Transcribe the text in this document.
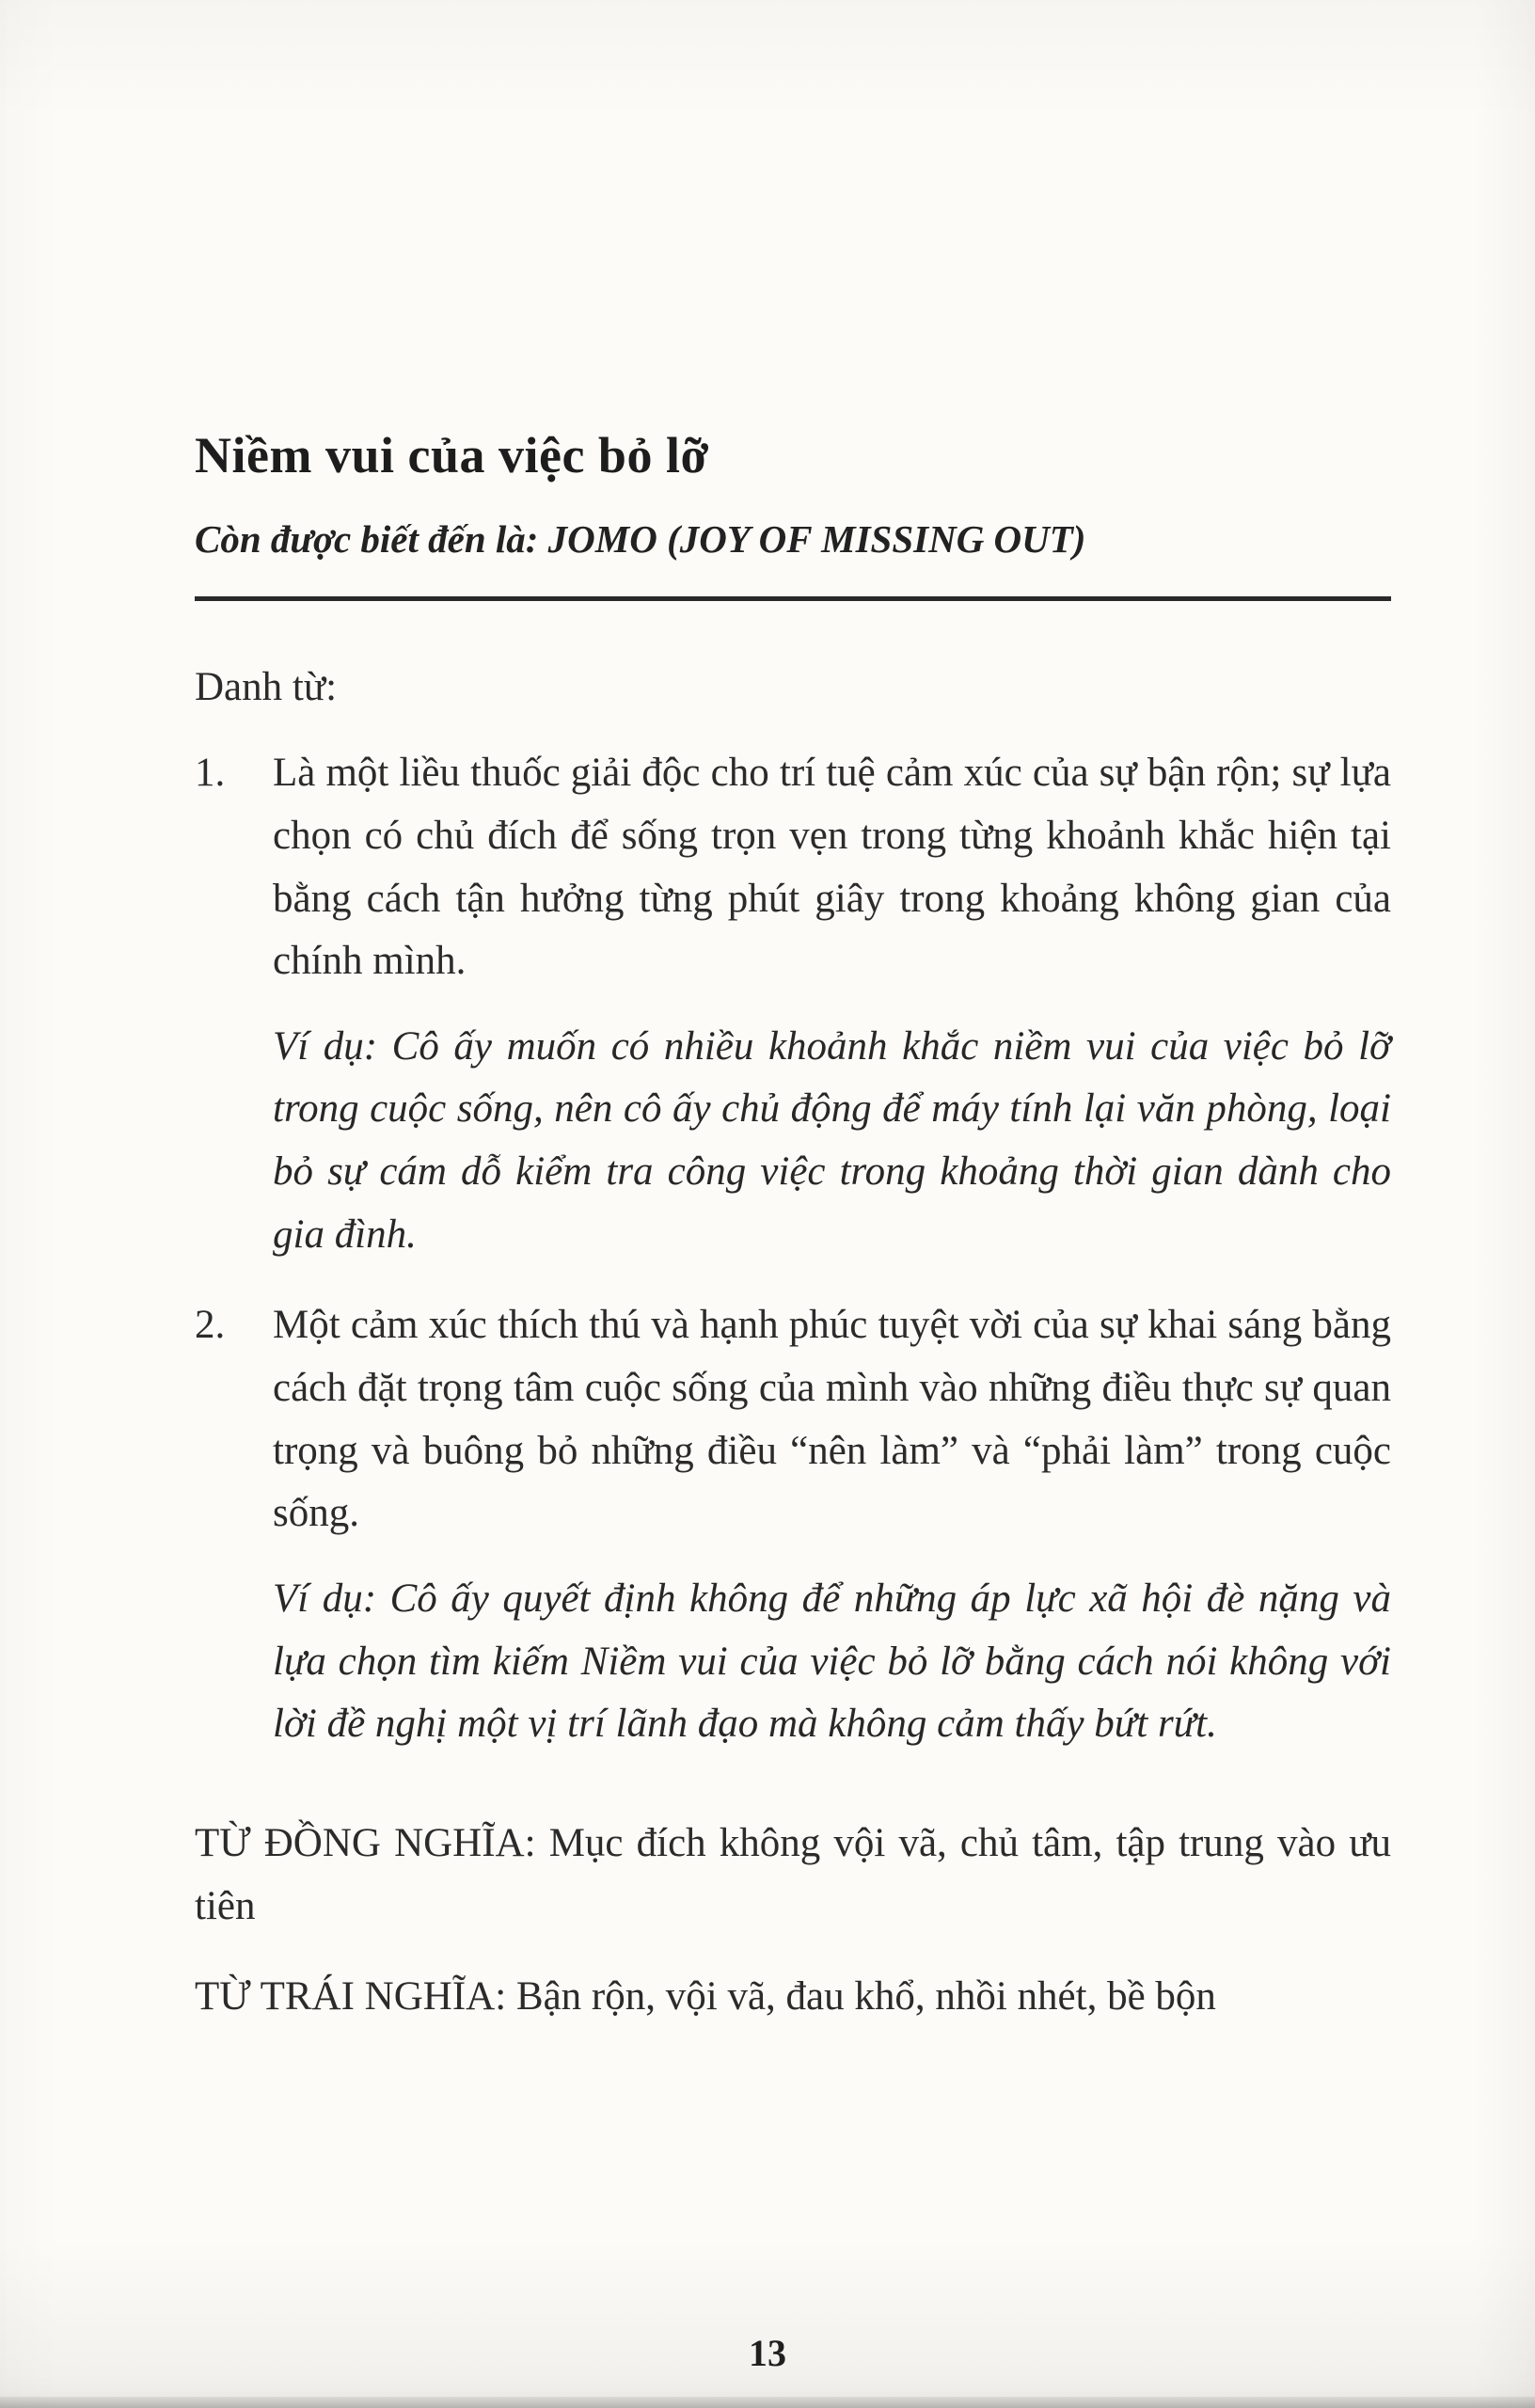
Niềm vui của việc bỏ lỡ

Còn được biết đến là: JOMO (JOY OF MISSING OUT)

Danh từ:

1.	Là một liều thuốc giải độc cho trí tuệ cảm xúc của sự bận rộn; sự lựa chọn có chủ đích để sống trọn vẹn trong từng khoảnh khắc hiện tại bằng cách tận hưởng từng phút giây trong khoảng không gian của chính mình.

Ví dụ: Cô ấy muốn có nhiều khoảnh khắc niềm vui của việc bỏ lỡ trong cuộc sống, nên cô ấy chủ động để máy tính lại văn phòng, loại bỏ sự cám dỗ kiểm tra công việc trong khoảng thời gian dành cho gia đình.

2.	Một cảm xúc thích thú và hạnh phúc tuyệt vời của sự khai sáng bằng cách đặt trọng tâm cuộc sống của mình vào những điều thực sự quan trọng và buông bỏ những điều “nên làm” và “phải làm” trong cuộc sống.

Ví dụ: Cô ấy quyết định không để những áp lực xã hội đè nặng và lựa chọn tìm kiếm Niềm vui của việc bỏ lỡ bằng cách nói không với lời đề nghị một vị trí lãnh đạo mà không cảm thấy bứt rứt.

TỪ ĐỒNG NGHĨA: Mục đích không vội vã, chủ tâm, tập trung vào ưu tiên

TỪ TRÁI NGHĨA: Bận rộn, vội vã, đau khổ, nhồi nhét, bề bộn

13
